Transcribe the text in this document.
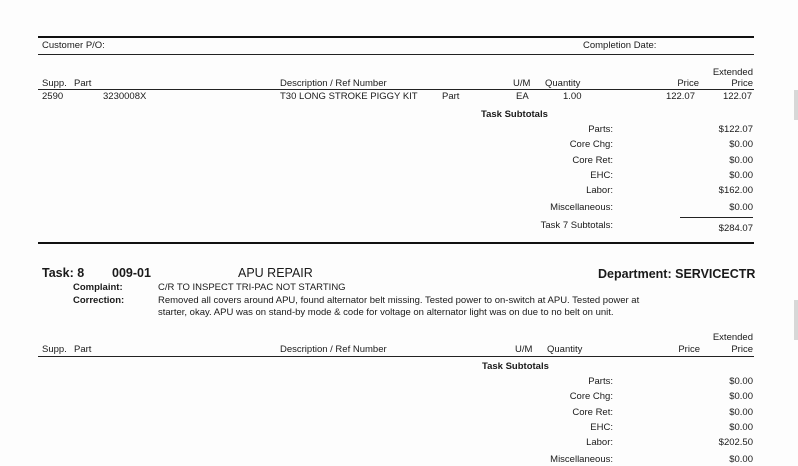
Customer P/O:	Completion Date:
Extended
Supp. Part	Description / Ref Number	U/M Quantity	Price	Price
2590	3230008X	T30 LONG STROKE PIGGY KIT	Part	EA	1.00	122.07	122.07
Task Subtotals
Parts:	$122.07
Core Chg:	$0.00
Core Ret:	$0.00
EHC:	$0.00
Labor:	$162.00
Miscellaneous:	$0.00
Task 7 Subtotals:	$284.07
Task: 8 009-01	APU REPAIR	Department: SERVICECTR
Complaint:	C/R TO INSPECT TRI-PAC NOT STARTING
Correction:	Removed all covers around APU, found alternator belt missing. Tested power to on-switch at APU. Tested power at
starter, okay. APU was on stand-by mode & code for voltage on alternator light was on due to no belt on unit.
Extended
Supp. Part	Description / Ref Number	U/M Quantity	Price	Price
Task Subtotals
Parts:	$0.00
Core Chg:	$0.00
Core Ret:	$0.00
EHC:	$0.00
Labor:	$202.50
Miscellaneous:	$0.00
